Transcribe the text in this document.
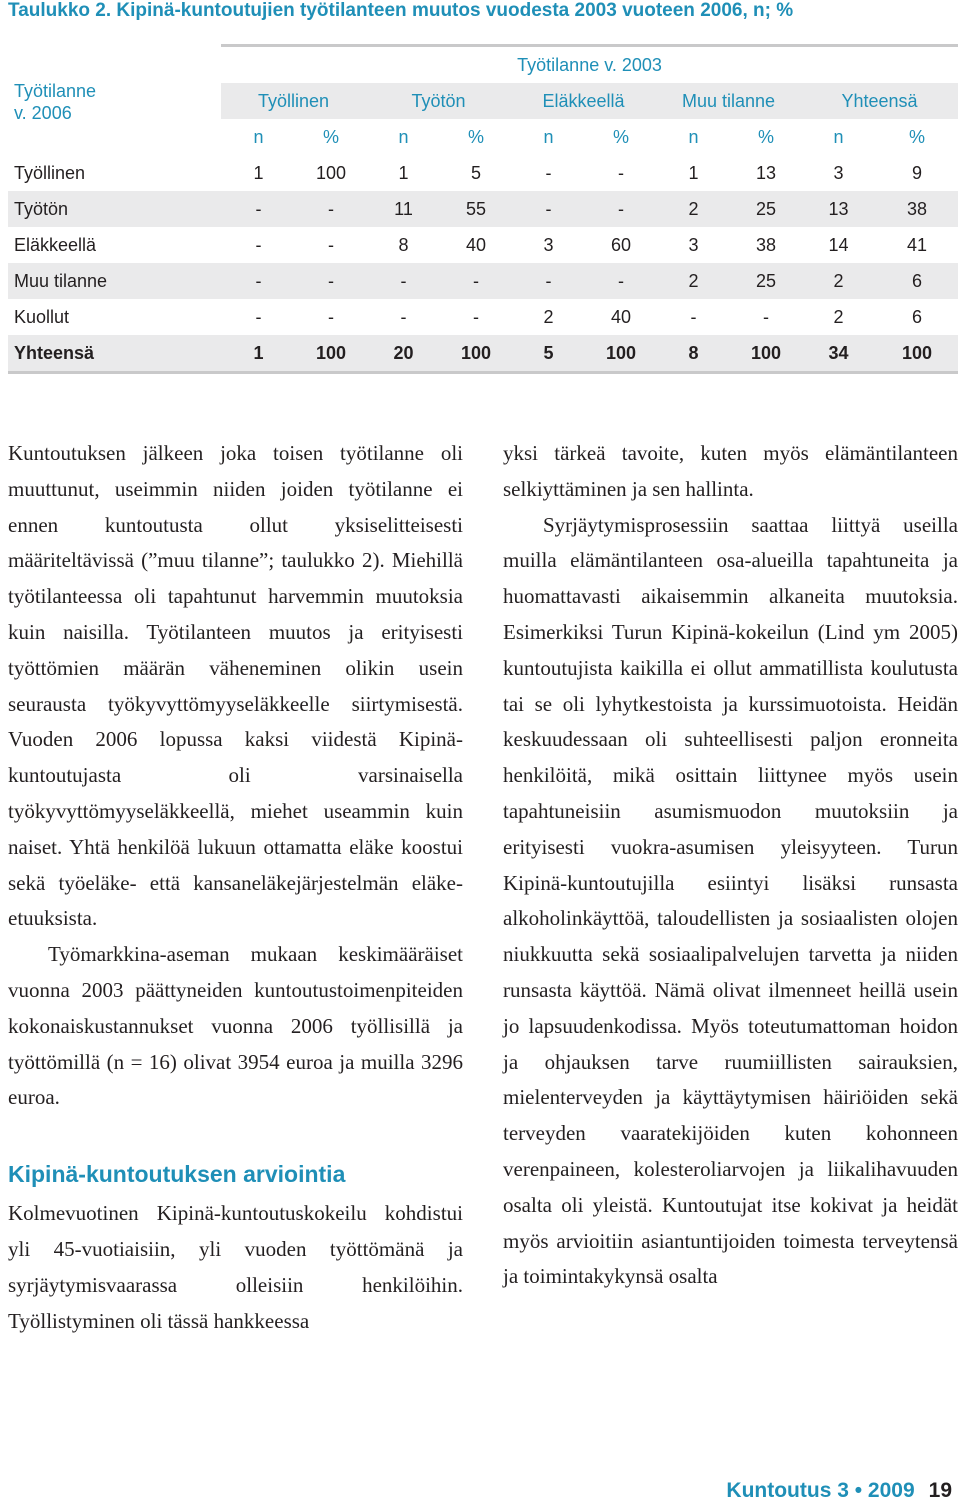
Taulukko 2. Kipinä-kuntoutujien työtilanteen muutos vuodesta 2003 vuoteen 2006, n; %
Työtilanne
v. 2006	Työtilanne v. 2003									
	Työllinen		Työtön		Eläkkeellä		Muu tilanne		Yhteensä	
	n	%	n	%	n	%	n	%	n	%
Työllinen	1	100	1	5	-	-	1	13	3	9
Työtön	-	-	11	55	-	-	2	25	13	38
Eläkkeellä	-	-	8	40	3	60	3	38	14	41
Muu tilanne	-	-	-	-	-	-	2	25	2	6
Kuollut	-	-	-	-	2	40	-	-	2	6
Yhteensä	1	100	20	100	5	100	8	100	34	100

Kuntoutuksen jälkeen joka toisen työtilanne oli muuttunut, useimmin niiden joiden työtilanne ei ennen kuntoutusta ollut yksiselitteisesti määriteltävissä (”muu tilanne”; taulukko 2). Miehillä työtilanteessa oli tapahtunut harvemmin muutoksia kuin naisilla. Työtilanteen muutos ja erityisesti työttömien määrän väheneminen olikin usein seurausta työkyvyttömyyseläkkeelle siirtymisestä. Vuoden 2006 lopussa kaksi viidestä Kipinä-kuntoutujasta oli varsinaisella työkyvyttömyyseläkkeellä, miehet useammin kuin naiset. Yhtä henkilöä lukuun ottamatta eläke koostui sekä työeläke- että kansaneläkejärjestelmän eläke-etuuksista.

Työmarkkina-aseman mukaan keskimääräiset vuonna 2003 päättyneiden kuntoutustoimenpiteiden kokonaiskustannukset vuonna 2006 työllisillä ja työttömillä (n = 16) olivat 3954 euroa ja muilla 3296 euroa.

Kipinä-kuntoutuksen arviointia

Kolmevuotinen Kipinä-kuntoutuskokeilu kohdistui yli 45-vuotiaisiin, yli vuoden työttömänä ja syrjäytymisvaarassa olleisiin henkilöihin. Työllistyminen oli tässä hankkeessa

yksi tärkeä tavoite, kuten myös elämäntilanteen selkiyttäminen ja sen hallinta.

Syrjäytymisprosessiin saattaa liittyä useilla muilla elämäntilanteen osa-alueilla tapahtuneita ja huomattavasti aikaisemmin alkaneita muutoksia. Esimerkiksi Turun Kipinä-kokeilun (Lind ym 2005) kuntoutujista kaikilla ei ollut ammatillista koulutusta tai se oli lyhytkestoista ja kurssimuotoista. Heidän keskuudessaan oli suhteellisesti paljon eronneita henkilöitä, mikä osittain liittynee myös usein tapahtuneisiin asumismuodon muutoksiin ja erityisesti vuokra-asumisen yleisyyteen. Turun Kipinä-kuntoutujilla esiintyi lisäksi runsasta alkoholinkäyttöä, taloudellisten ja sosiaalisten olojen niukkuutta sekä sosiaalipalvelujen tarvetta ja niiden runsasta käyttöä. Nämä olivat ilmenneet heillä usein jo lapsuudenkodissa. Myös toteutumattoman hoidon ja ohjauksen tarve ruumiillisten sairauksien, mielenterveyden ja käyttäytymisen häiriöiden sekä terveyden vaaratekijöiden kuten kohonneen verenpaineen, kolesteroliarvojen ja liikalihavuuden osalta oli yleistä. Kuntoutujat itse kokivat ja heidät myös arvioitiin asiantuntijoiden toimesta terveytensä ja toimintakykynsä osalta

Kuntoutus 3 • 2009 19
